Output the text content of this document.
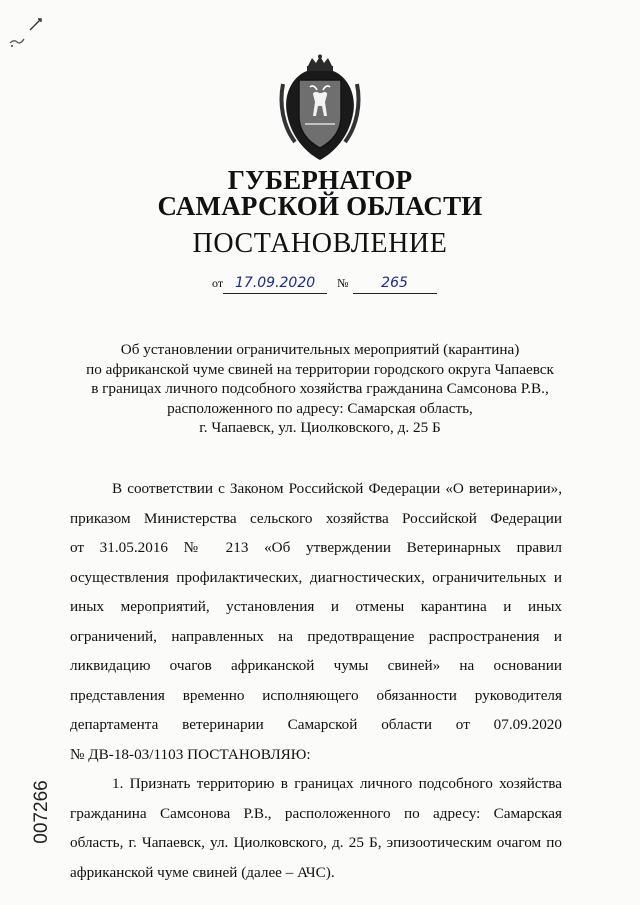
ГУБЕРНАТОР
САМАРСКОЙ ОБЛАСТИ
ПОСТАНОВЛЕНИЕ
от 17.09.2020 № 265
Об установлении ограничительных мероприятий (карантина)
по африканской чуме свиней на территории городского округа Чапаевск
в границах личного подсобного хозяйства гражданина Самсонова Р.В.,
расположенного по адресу: Самарская область,
г. Чапаевск, ул. Циолковского, д. 25 Б
В соответствии с Законом Российской Федерации «О ветеринарии»,
приказом Министерства сельского хозяйства Российской Федерации
от 31.05.2016 № 213 «Об утверждении Ветеринарных правил
осуществления профилактических, диагностических, ограничительных и
иных мероприятий, установления и отмены карантина и иных
ограничений, направленных на предотвращение распространения и
ликвидацию очагов африканской чумы свиней» на основании
представления временно исполняющего обязанности руководителя
департамента ветеринарии Самарской области от 07.09.2020
№ ДВ-18-03/1103 ПОСТАНОВЛЯЮ:
1. Признать территорию в границах личного подсобного хозяйства
гражданина Самсонова Р.В., расположенного по адресу: Самарская
область, г. Чапаевск, ул. Циолковского, д. 25 Б, эпизоотическим очагом по
африканской чуме свиней (далее – АЧС).
007266
